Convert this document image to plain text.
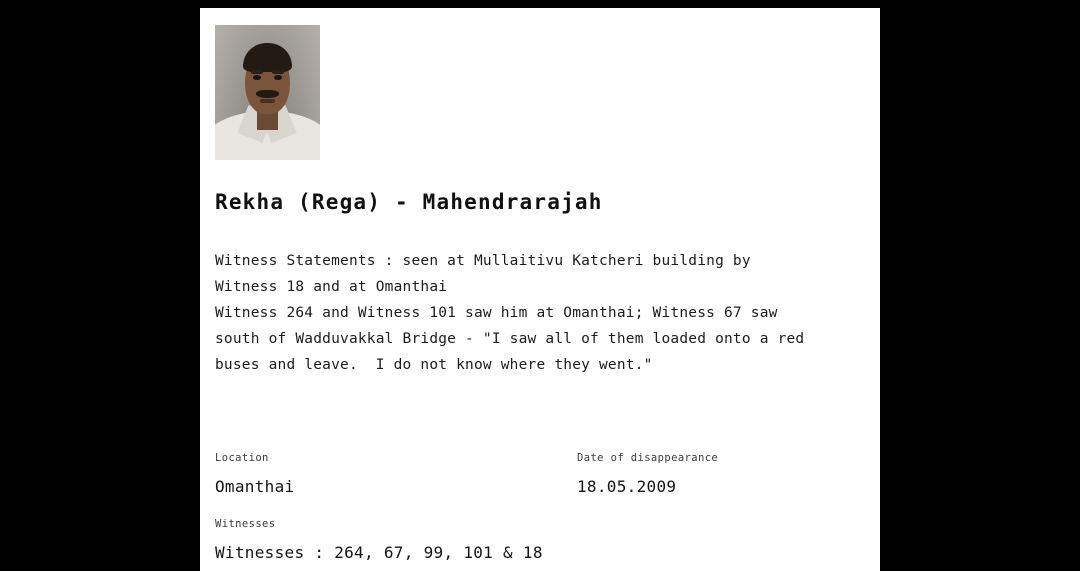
Rekha (Rega) - Mahendrarajah
Witness Statements : seen at Mullaitivu Katcheri building by
Witness 18 and at Omanthai
Witness 264 and Witness 101 saw him at Omanthai; Witness 67 saw
south of Wadduvakkal Bridge - "I saw all of them loaded onto a red
buses and leave.  I do not know where they went."
Location
Omanthai
Date of disappearance
18.05.2009
Witnesses
Witnesses : 264, 67, 99, 101 & 18
